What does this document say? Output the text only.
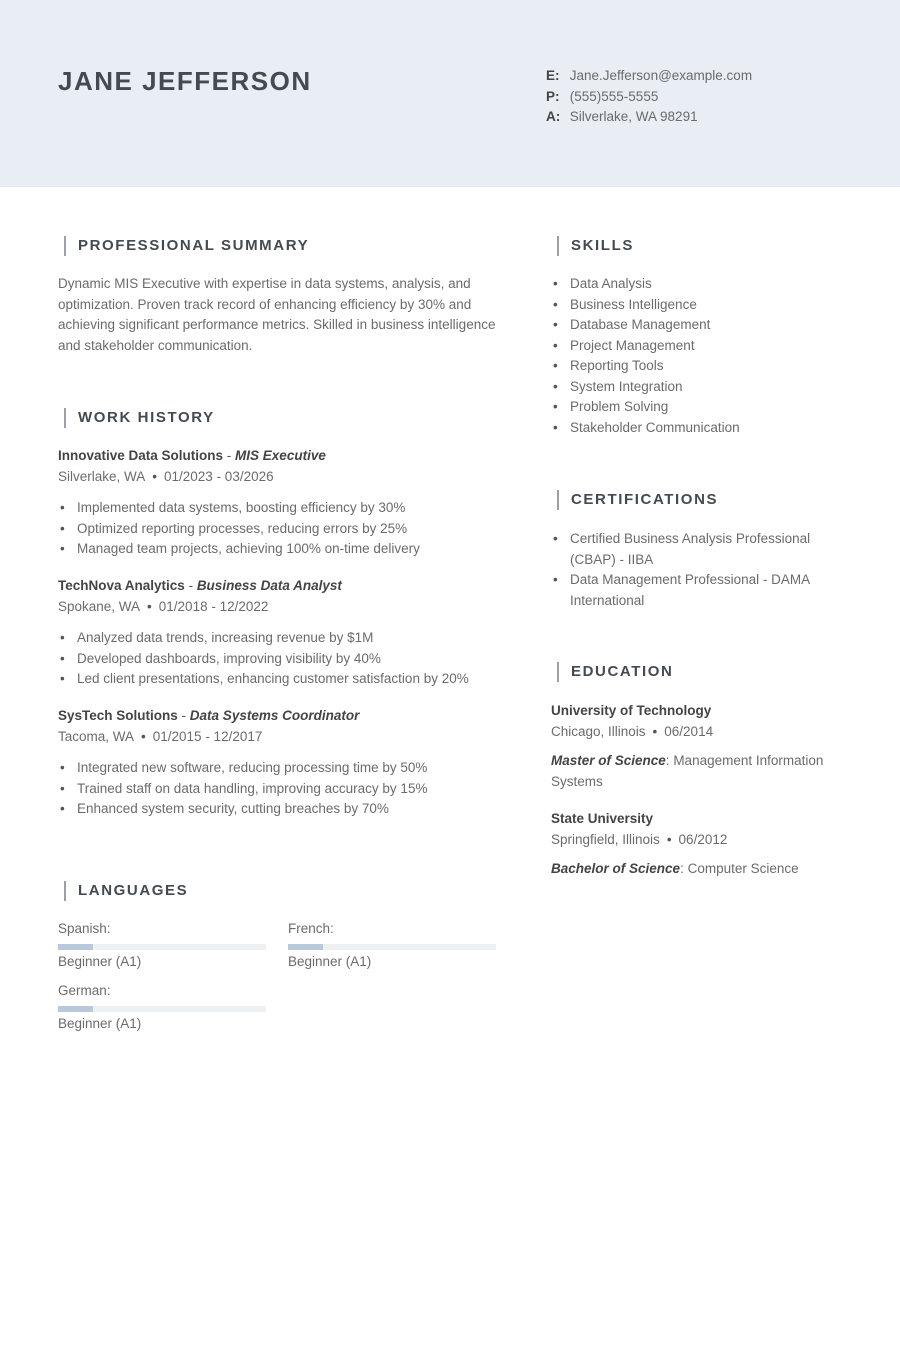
JANE JEFFERSON	E: Jane.Jefferson@example.com
P: (555)555-5555
A: Silverlake, WA 98291
PROFESSIONAL SUMMARY
Dynamic MIS Executive with expertise in data systems, analysis, and optimization. Proven track record of enhancing efficiency by 30% and achieving significant performance metrics. Skilled in business intelligence and stakeholder communication.
WORK HISTORY
Innovative Data Solutions - MIS Executive
Silverlake, WA • 01/2023 - 03/2026
• Implemented data systems, boosting efficiency by 30%
• Optimized reporting processes, reducing errors by 25%
• Managed team projects, achieving 100% on-time delivery
TechNova Analytics - Business Data Analyst
Spokane, WA • 01/2018 - 12/2022
• Analyzed data trends, increasing revenue by $1M
• Developed dashboards, improving visibility by 40%
• Led client presentations, enhancing customer satisfaction by 20%
SysTech Solutions - Data Systems Coordinator
Tacoma, WA • 01/2015 - 12/2017
• Integrated new software, reducing processing time by 50%
• Trained staff on data handling, improving accuracy by 15%
• Enhanced system security, cutting breaches by 70%
LANGUAGES
Spanish:
Beginner (A1)
French:
Beginner (A1)
German:
Beginner (A1)
SKILLS
• Data Analysis
• Business Intelligence
• Database Management
• Project Management
• Reporting Tools
• System Integration
• Problem Solving
• Stakeholder Communication
CERTIFICATIONS
• Certified Business Analysis Professional (CBAP) - IIBA
• Data Management Professional - DAMA International
EDUCATION
University of Technology
Chicago, Illinois • 06/2014
Master of Science: Management Information Systems
State University
Springfield, Illinois • 06/2012
Bachelor of Science: Computer Science
